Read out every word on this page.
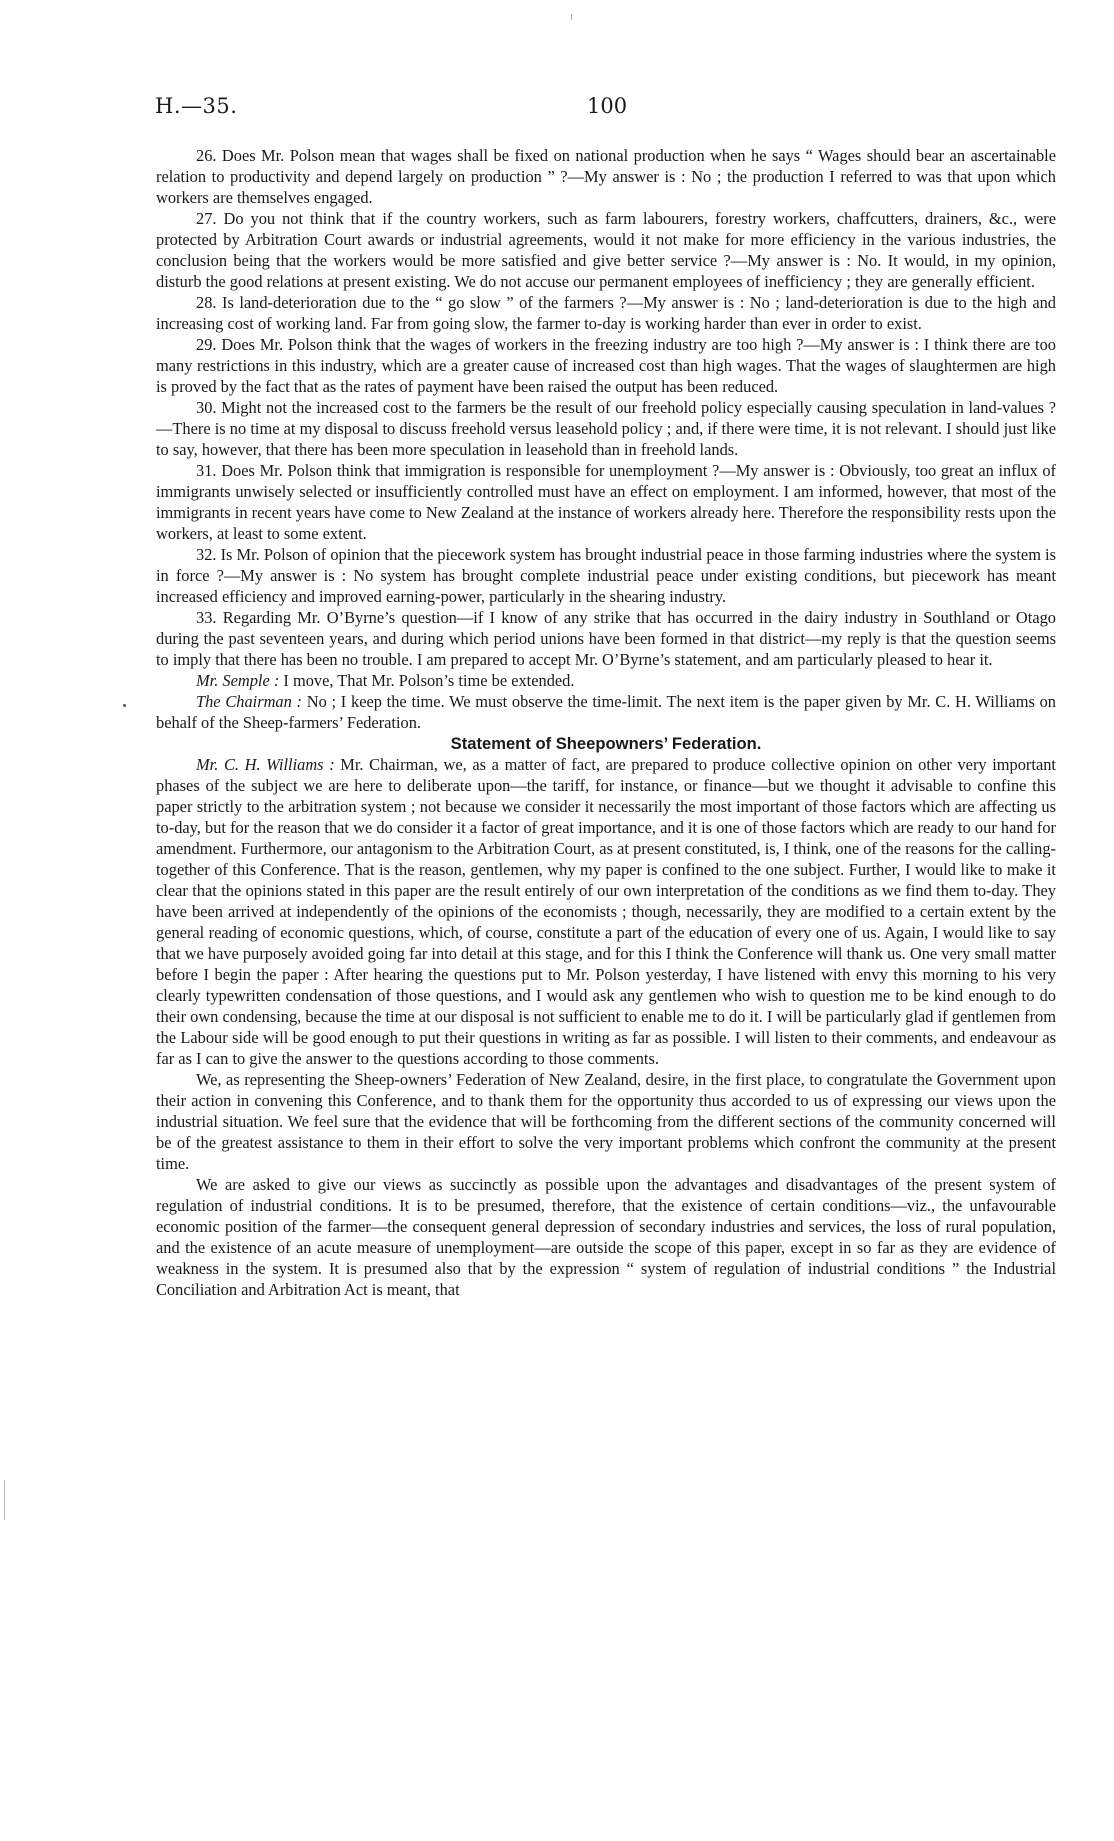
H.—35.	100

26. Does Mr. Polson mean that wages shall be fixed on national production when he says “ Wages should bear an ascertainable relation to productivity and depend largely on production ” ?—My answer is : No ; the production I referred to was that upon which workers are themselves engaged.

27. Do you not think that if the country workers, such as farm labourers, forestry workers, chaffcutters, drainers, &c., were protected by Arbitration Court awards or industrial agreements, would it not make for more efficiency in the various industries, the conclusion being that the workers would be more satisfied and give better service ?—My answer is : No. It would, in my opinion, disturb the good relations at present existing. We do not accuse our permanent employees of inefficiency ; they are generally efficient.

28. Is land-deterioration due to the “ go slow ” of the farmers ?—My answer is : No ; land-deterioration is due to the high and increasing cost of working land. Far from going slow, the farmer to-day is working harder than ever in order to exist.

29. Does Mr. Polson think that the wages of workers in the freezing industry are too high ?—My answer is : I think there are too many restrictions in this industry, which are a greater cause of increased cost than high wages. That the wages of slaughtermen are high is proved by the fact that as the rates of payment have been raised the output has been reduced.

30. Might not the increased cost to the farmers be the result of our freehold policy especially causing speculation in land-values ?—There is no time at my disposal to discuss freehold versus leasehold policy ; and, if there were time, it is not relevant. I should just like to say, however, that there has been more speculation in leasehold than in freehold lands.

31. Does Mr. Polson think that immigration is responsible for unemployment ?—My answer is : Obviously, too great an influx of immigrants unwisely selected or insufficiently controlled must have an effect on employment. I am informed, however, that most of the immigrants in recent years have come to New Zealand at the instance of workers already here. Therefore the responsibility rests upon the workers, at least to some extent.

32. Is Mr. Polson of opinion that the piecework system has brought industrial peace in those farming industries where the system is in force ?—My answer is : No system has brought complete industrial peace under existing conditions, but piecework has meant increased efficiency and improved earning-power, particularly in the shearing industry.

33. Regarding Mr. O’Byrne’s question—if I know of any strike that has occurred in the dairy industry in Southland or Otago during the past seventeen years, and during which period unions have been formed in that district—my reply is that the question seems to imply that there has been no trouble. I am prepared to accept Mr. O’Byrne’s statement, and am particularly pleased to hear it.

Mr. Semple : I move, That Mr. Polson’s time be extended.

The Chairman : No ; I keep the time. We must observe the time-limit. The next item is the paper given by Mr. C. H. Williams on behalf of the Sheep-farmers’ Federation.

Statement of Sheepowners’ Federation.

Mr. C. H. Williams : Mr. Chairman, we, as a matter of fact, are prepared to produce collective opinion on other very important phases of the subject we are here to deliberate upon—the tariff, for instance, or finance—but we thought it advisable to confine this paper strictly to the arbitration system ; not because we consider it necessarily the most important of those factors which are affecting us to-day, but for the reason that we do consider it a factor of great importance, and it is one of those factors which are ready to our hand for amendment. Furthermore, our antagonism to the Arbitration Court, as at present constituted, is, I think, one of the reasons for the calling-together of this Conference. That is the reason, gentlemen, why my paper is confined to the one subject. Further, I would like to make it clear that the opinions stated in this paper are the result entirely of our own interpretation of the conditions as we find them to-day. They have been arrived at independently of the opinions of the economists ; though, necessarily, they are modified to a certain extent by the general reading of economic questions, which, of course, constitute a part of the education of every one of us. Again, I would like to say that we have purposely avoided going far into detail at this stage, and for this I think the Conference will thank us. One very small matter before I begin the paper : After hearing the questions put to Mr. Polson yesterday, I have listened with envy this morning to his very clearly typewritten condensation of those questions, and I would ask any gentlemen who wish to question me to be kind enough to do their own condensing, because the time at our disposal is not sufficient to enable me to do it. I will be particularly glad if gentlemen from the Labour side will be good enough to put their questions in writing as far as possible. I will listen to their comments, and endeavour as far as I can to give the answer to the questions according to those comments.

We, as representing the Sheep-owners’ Federation of New Zealand, desire, in the first place, to congratulate the Government upon their action in convening this Conference, and to thank them for the opportunity thus accorded to us of expressing our views upon the industrial situation. We feel sure that the evidence that will be forthcoming from the different sections of the community concerned will be of the greatest assistance to them in their effort to solve the very important problems which confront the community at the present time.

We are asked to give our views as succinctly as possible upon the advantages and disadvantages of the present system of regulation of industrial conditions. It is to be presumed, therefore, that the existence of certain conditions—viz., the unfavourable economic position of the farmer—the consequent general depression of secondary industries and services, the loss of rural population, and the existence of an acute measure of unemployment—are outside the scope of this paper, except in so far as they are evidence of weakness in the system. It is presumed also that by the expression “ system of regulation of industrial conditions ” the Industrial Conciliation and Arbitration Act is meant, that
